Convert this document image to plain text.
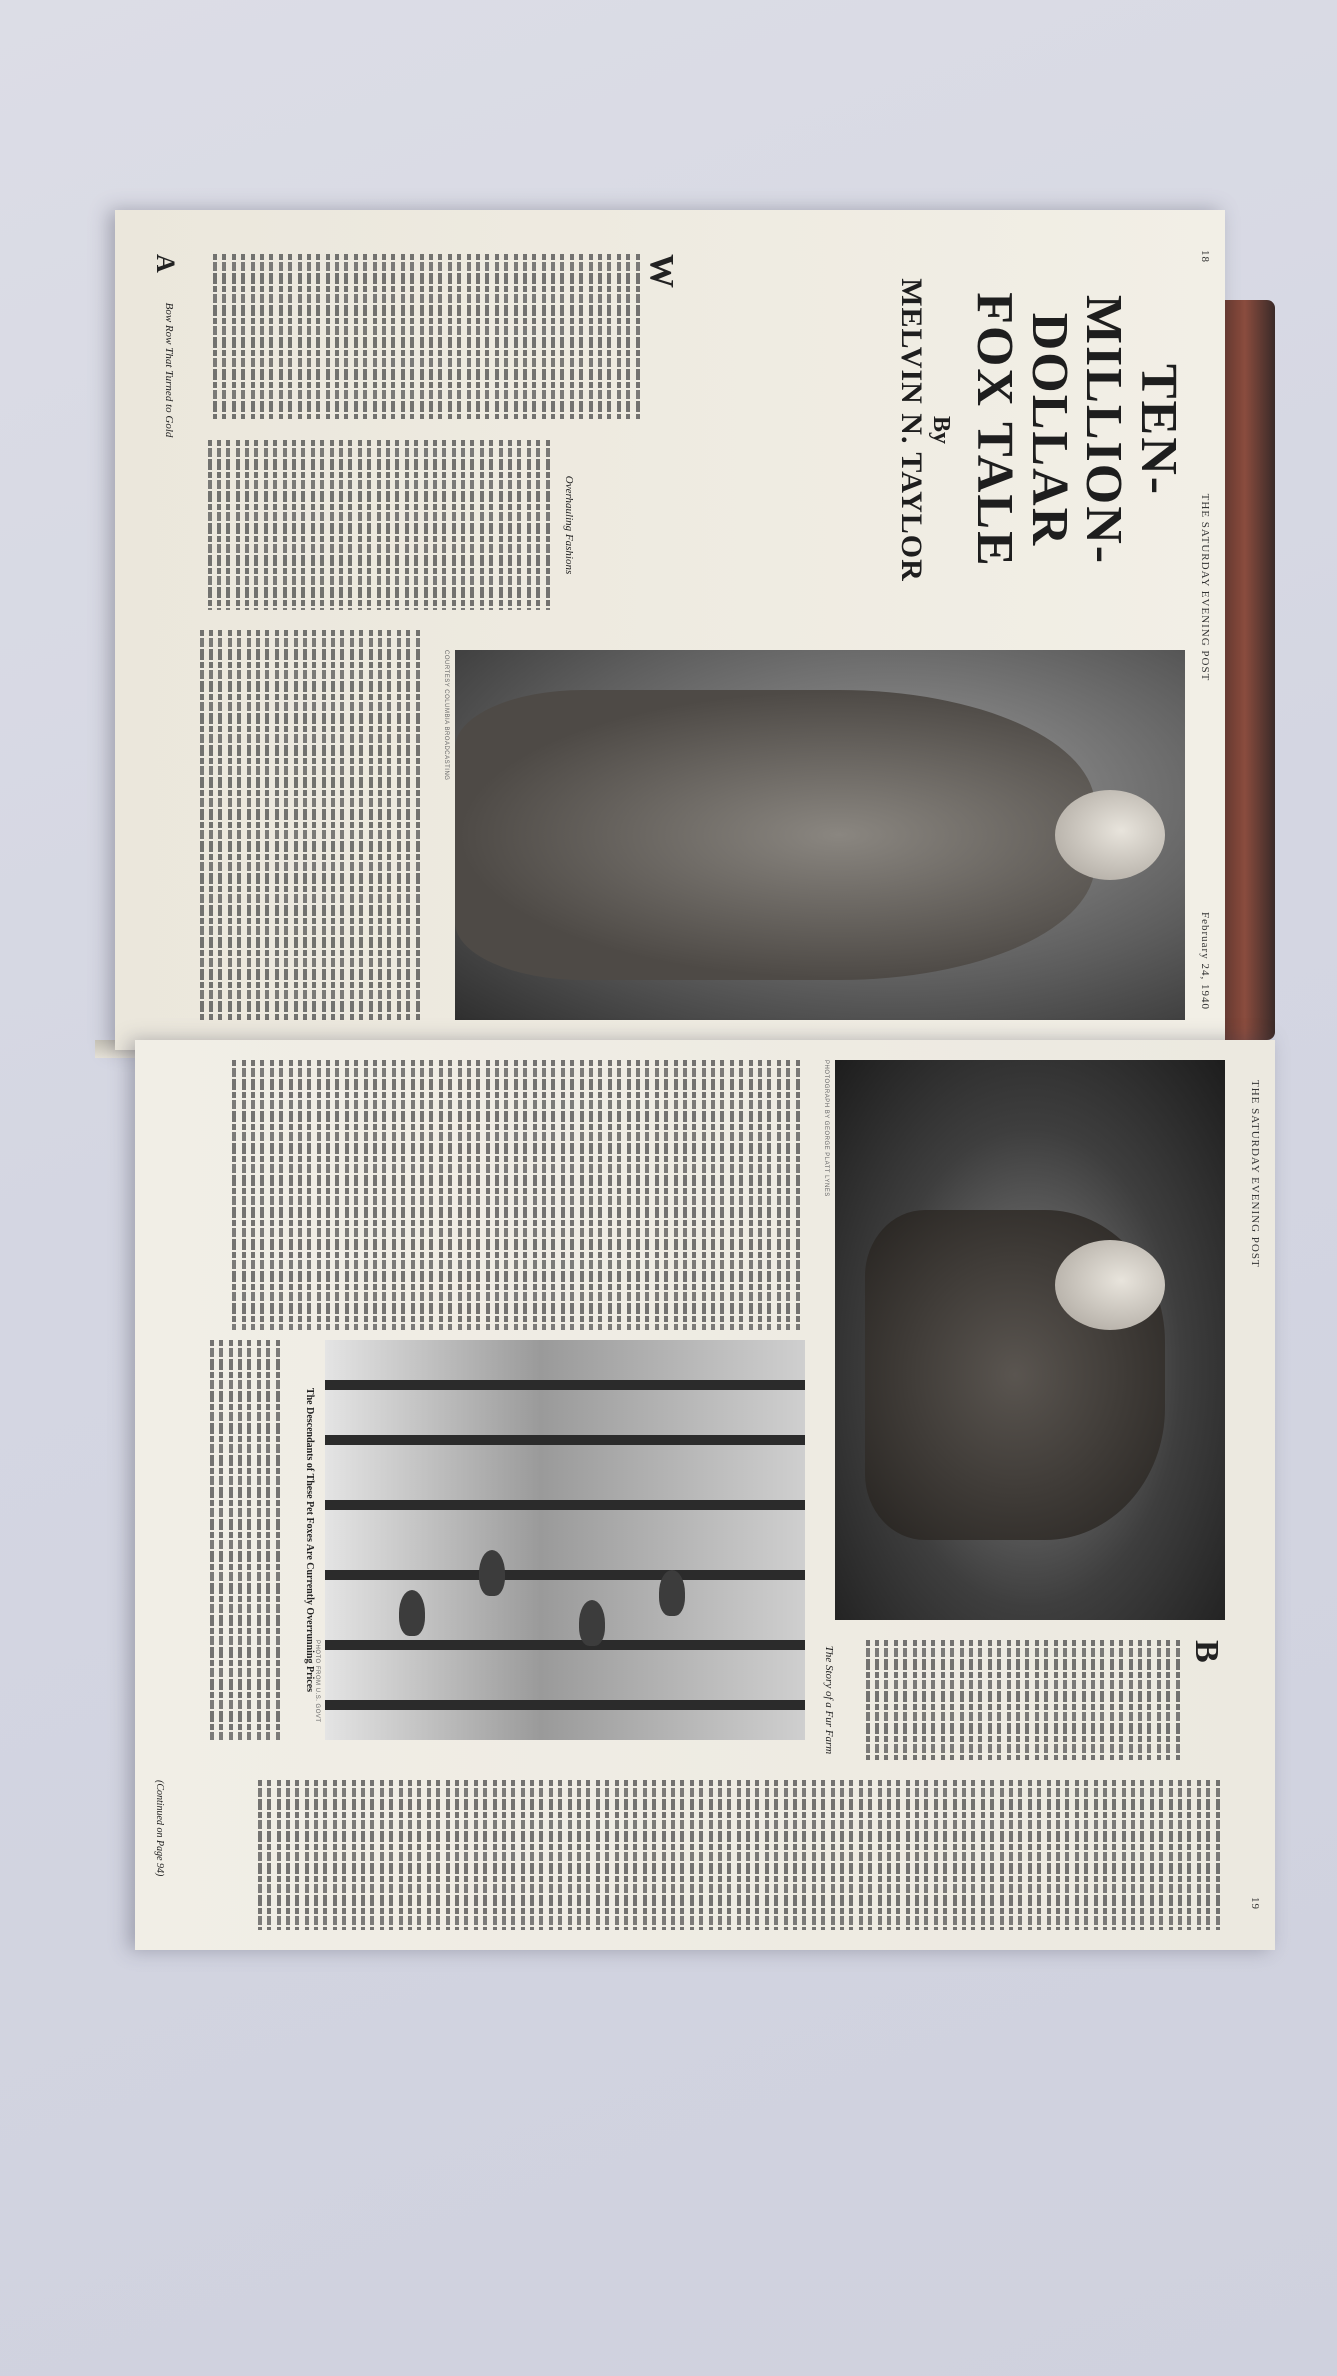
18
THE SATURDAY EVENING POST
February 24, 1940
TEN-MILLION-
DOLLAR
FOX TALE
By
MELVIN N. TAYLOR
COURTESY COLUMBIA BROADCASTING
W
Overhauling Fashions
A
Bow Row That Turned to Gold
THE SATURDAY EVENING POST
19
PHOTOGRAPH BY GEORGE PLATT LYNES
B
The Story of a Fur Farm
PHOTO FROM U.S. GOVT
The Descendants of These Pet Foxes Are Currently Overrunning Prices
(Continued on Page 94)
